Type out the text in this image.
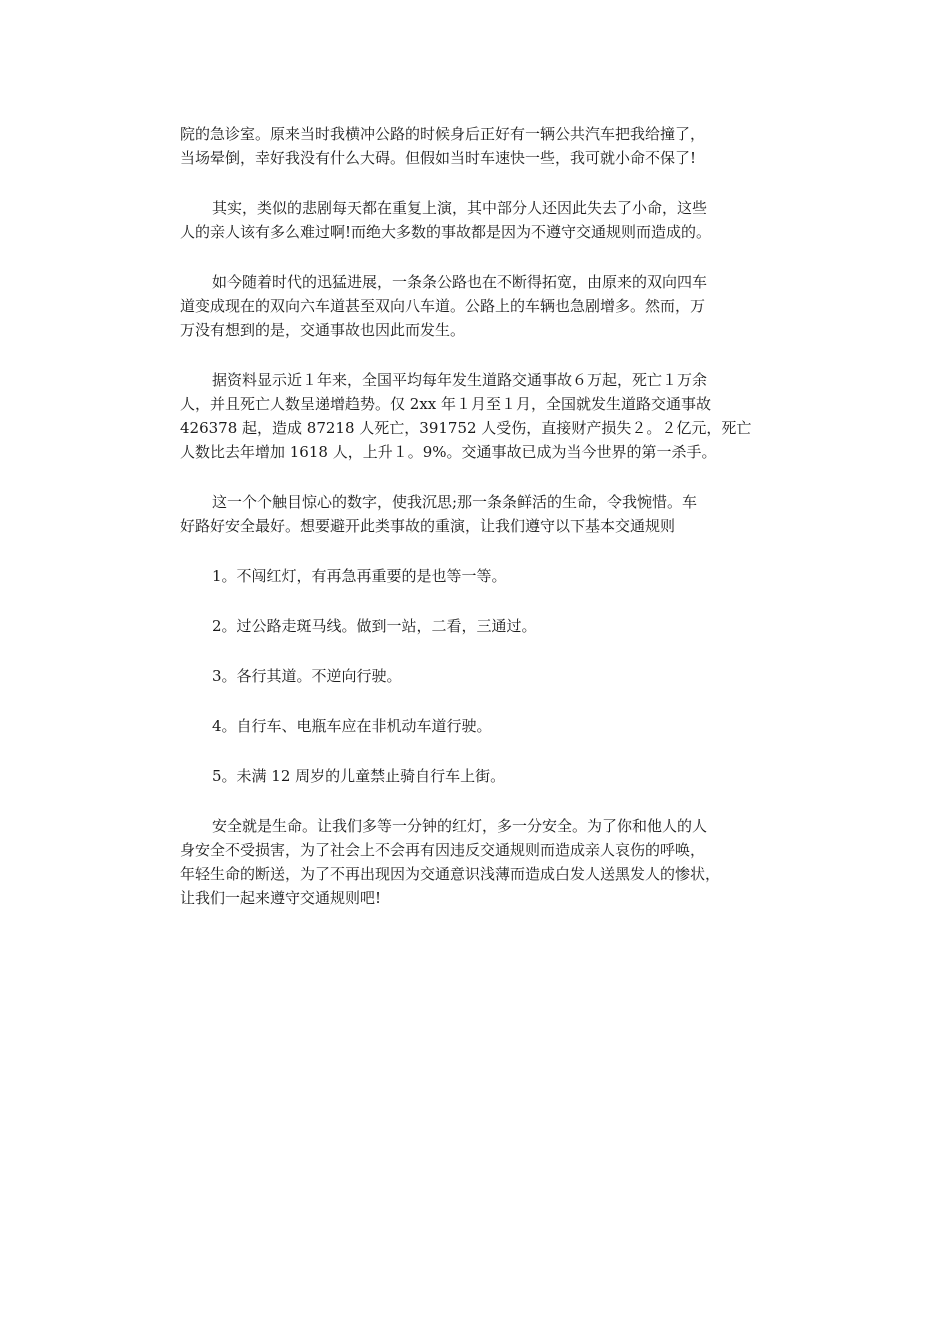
院的急诊室。原来当时我横冲公路的时候身后正好有一辆公共汽车把我给撞了，
当场晕倒，幸好我没有什么大碍。但假如当时车速快一些，我可就小命不保了!

其实，类似的悲剧每天都在重复上演，其中部分人还因此失去了小命，这些
人的亲人该有多么难过啊!而绝大多数的事故都是因为不遵守交通规则而造成的。

如今随着时代的迅猛进展，一条条公路也在不断得拓宽，由原来的双向四车
道变成现在的双向六车道甚至双向八车道。公路上的车辆也急剧增多。然而，万
万没有想到的是，交通事故也因此而发生。

据资料显示近１年来，全国平均每年发生道路交通事故６万起，死亡１万余
人，并且死亡人数呈递增趋势。仅 2xx 年１月至１月，全国就发生道路交通事故
426378 起，造成 87218 人死亡，391752 人受伤，直接财产损失２。２亿元，死亡
人数比去年增加 1618 人，上升１。9%。交通事故已成为当今世界的第一杀手。

这一个个触目惊心的数字，使我沉思;那一条条鲜活的生命，令我惋惜。车
好路好安全最好。想要避开此类事故的重演，让我们遵守以下基本交通规则

1。不闯红灯，有再急再重要的是也等一等。

2。过公路走斑马线。做到一站，二看，三通过。

3。各行其道。不逆向行驶。

4。自行车、电瓶车应在非机动车道行驶。

5。未满 12 周岁的儿童禁止骑自行车上街。

安全就是生命。让我们多等一分钟的红灯，多一分安全。为了你和他人的人
身安全不受损害，为了社会上不会再有因违反交通规则而造成亲人哀伤的呼唤，
年轻生命的断送，为了不再出现因为交通意识浅薄而造成白发人送黑发人的惨状，
让我们一起来遵守交通规则吧!
